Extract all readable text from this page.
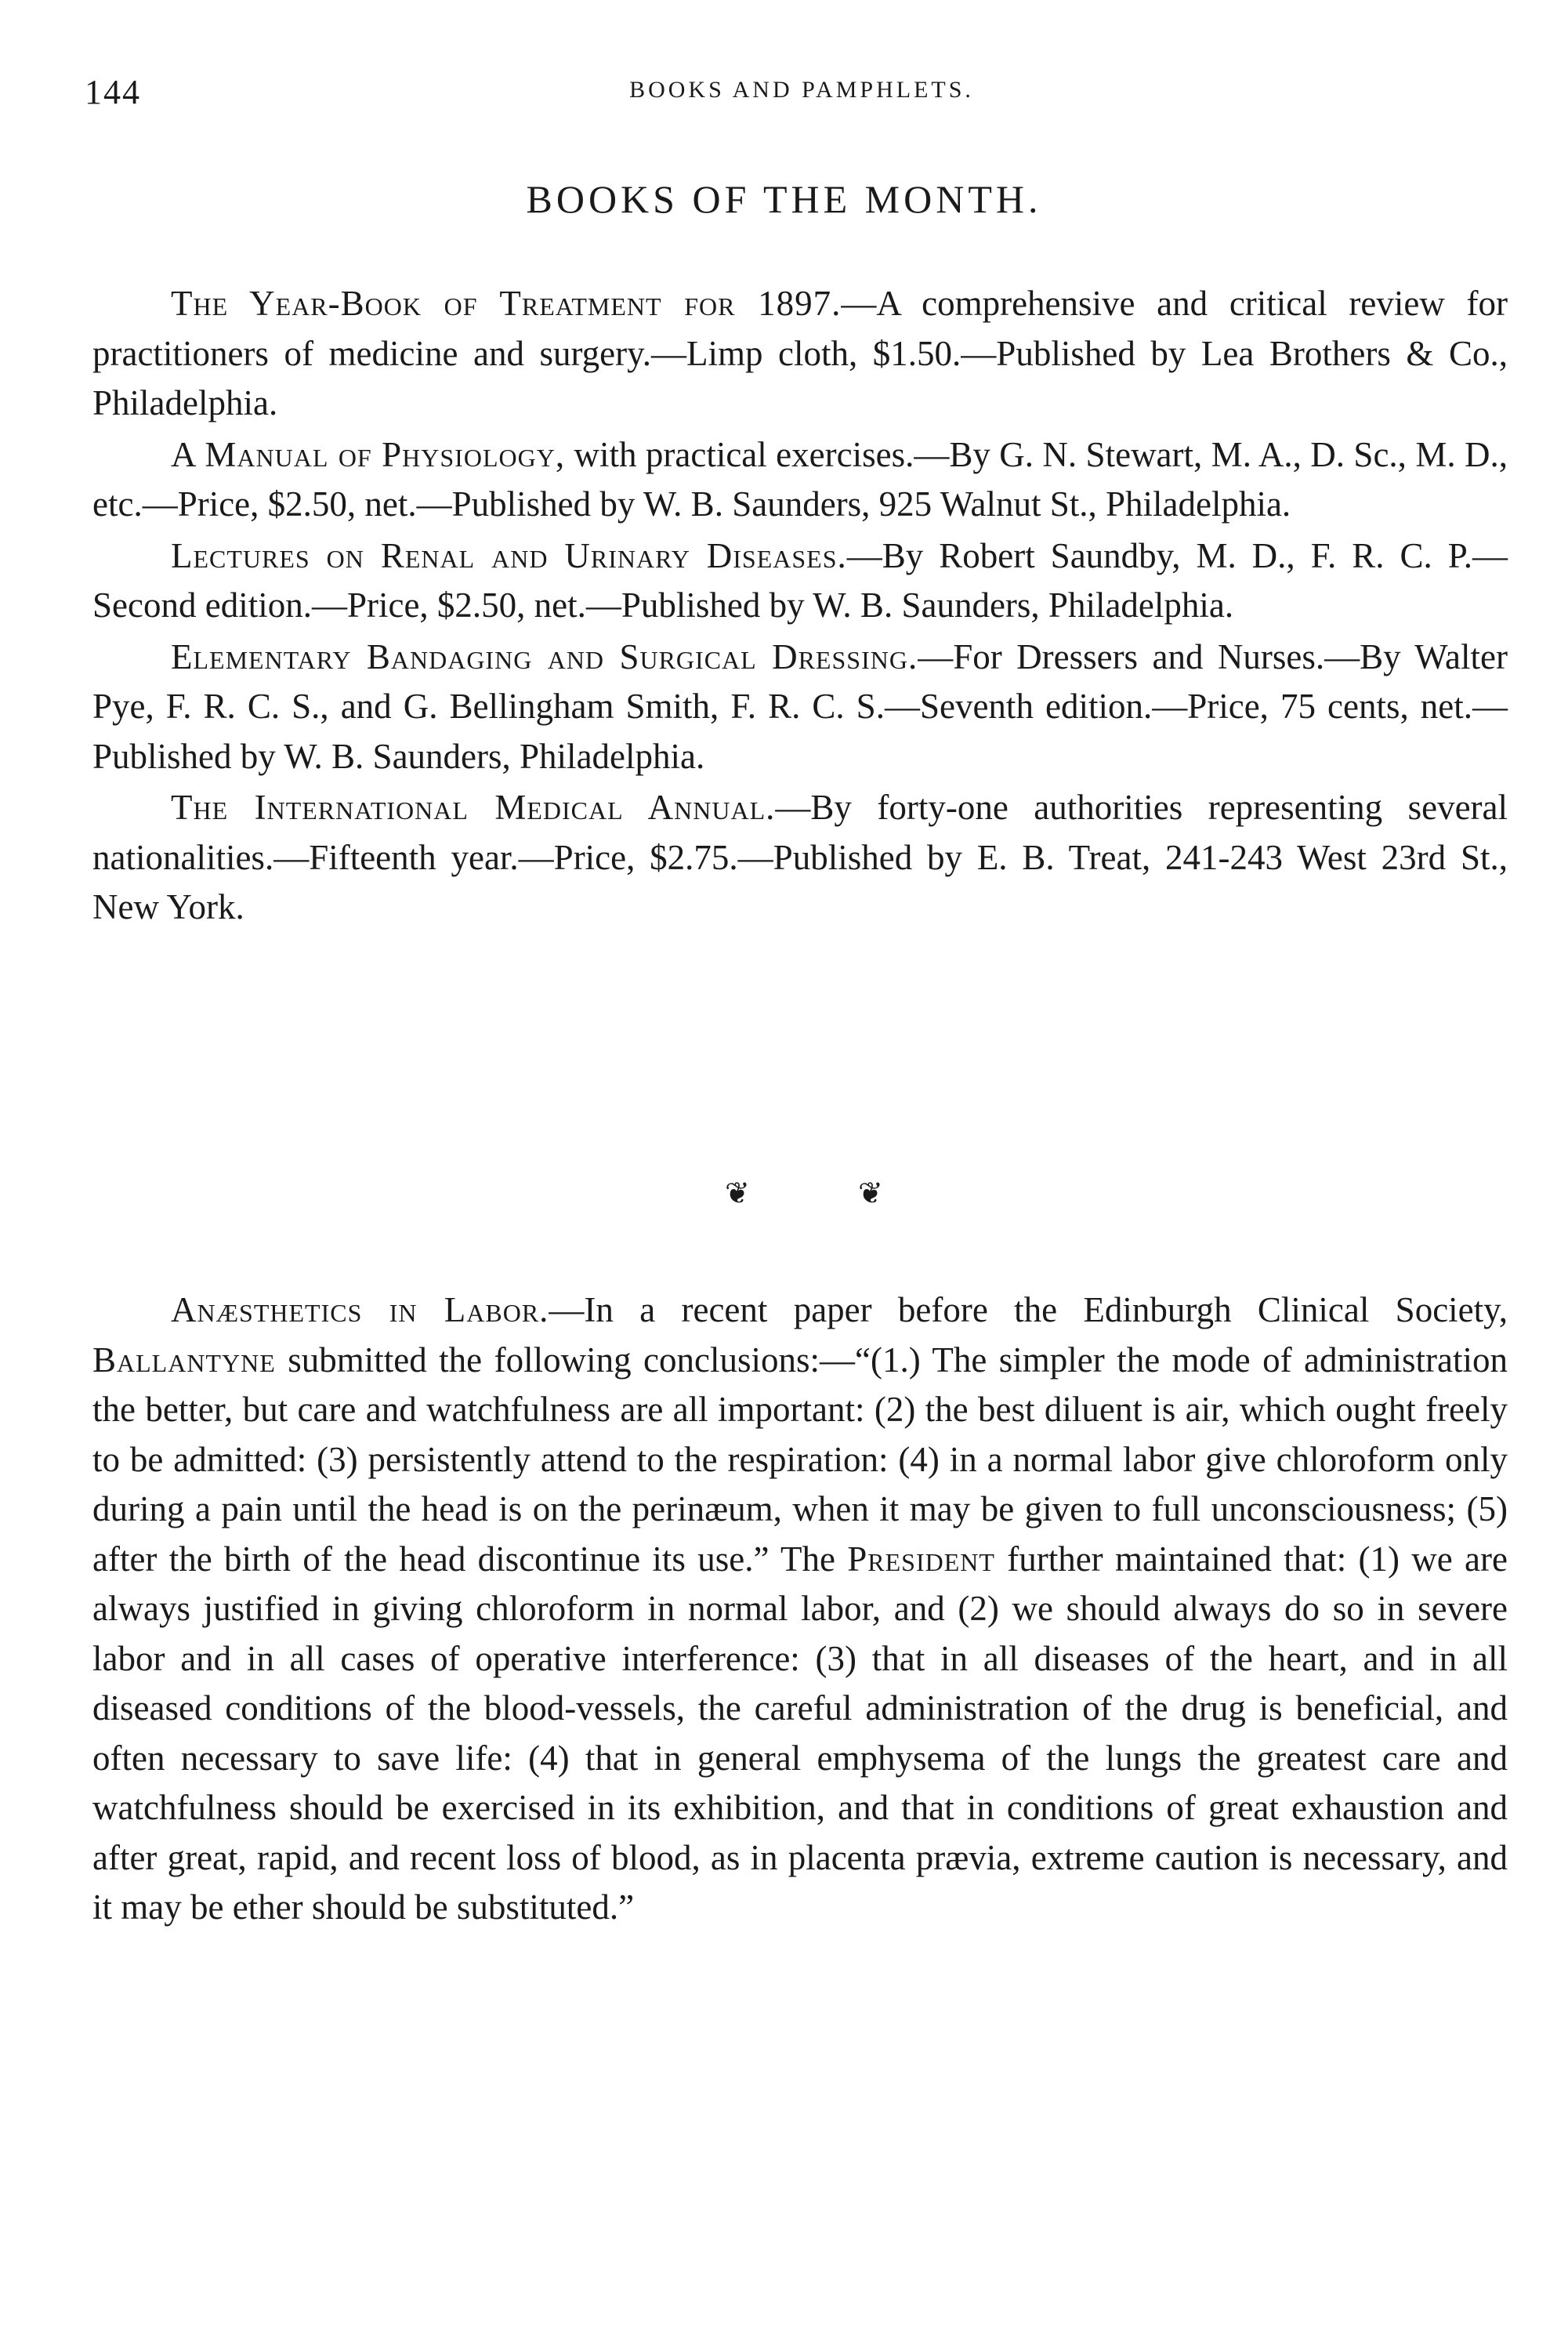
144	BOOKS AND PAMPHLETS.
BOOKS OF THE MONTH.

The Year-Book of Treatment for 1897.—A comprehensive and critical review for practitioners of medicine and surgery.—Limp cloth, $1.50.—Published by Lea Brothers & Co., Philadelphia.

A Manual of Physiology, with practical exercises.—By G. N. Stewart, M. A., D. Sc., M. D., etc.—Price, $2.50, net.—Published by W. B. Saunders, 925 Walnut St., Philadelphia.

Lectures on Renal and Urinary Diseases.—By Robert Saundby, M. D., F. R. C. P.—Second edition.—Price, $2.50, net.—Published by W. B. Saunders, Philadelphia.

Elementary Bandaging and Surgical Dressing.—For Dressers and Nurses.—By Walter Pye, F. R. C. S., and G. Bellingham Smith, F. R. C. S.—Seventh edition.—Price, 75 cents, net.—Published by W. B. Saunders, Philadelphia.

The International Medical Annual.—By forty-one authorities representing several nationalities.—Fifteenth year.—Price, $2.75.—Published by E. B. Treat, 241-243 West 23rd St., New York.

❦	❦

Anæsthetics in Labor.—In a recent paper before the Edinburgh Clinical Society, Ballantyne submitted the following conclusions:—“(1.) The simpler the mode of administration the better, but care and watchfulness are all important: (2) the best diluent is air, which ought freely to be admitted: (3) persistently attend to the respiration: (4) in a normal labor give chloroform only during a pain until the head is on the perinæum, when it may be given to full unconsciousness; (5) after the birth of the head discontinue its use.” The President further maintained that: (1) we are always justified in giving chloroform in normal labor, and (2) we should always do so in severe labor and in all cases of operative interference: (3) that in all diseases of the heart, and in all diseased conditions of the blood-vessels, the careful administration of the drug is beneficial, and often necessary to save life: (4) that in general emphysema of the lungs the greatest care and watchfulness should be exercised in its exhibition, and that in conditions of great exhaustion and after great, rapid, and recent loss of blood, as in placenta prævia, extreme caution is necessary, and it may be ether should be substituted.”
